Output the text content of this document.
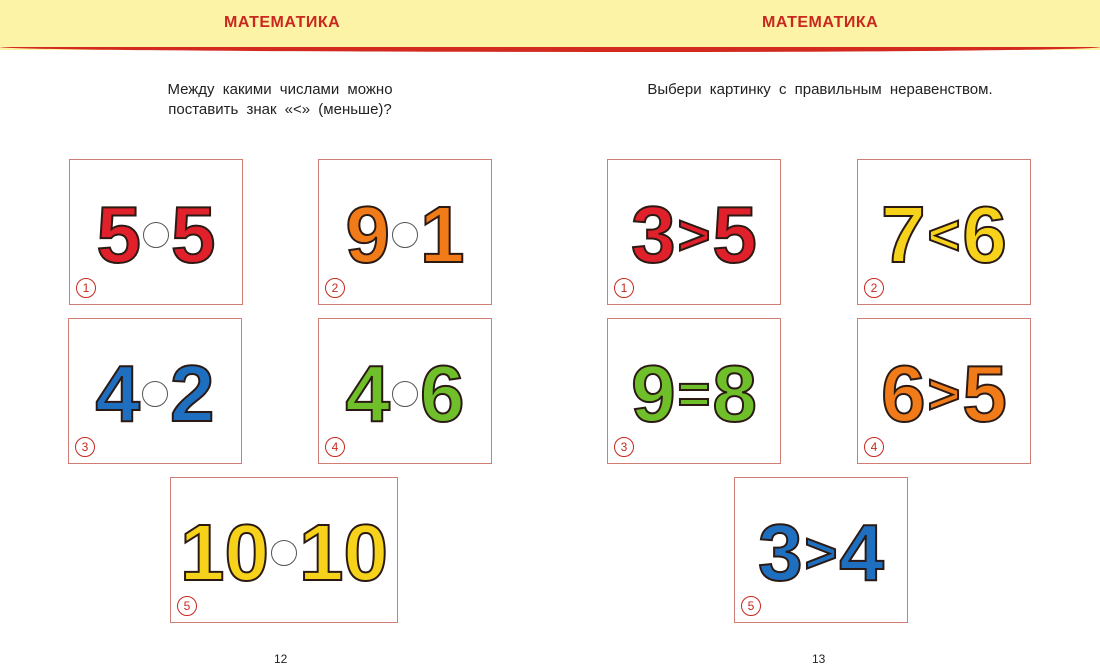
МАТЕМАТИКА	МАТЕМАТИКА
Между какими числами можно
поставить знак «<» (меньше)?
5 5
1
9 1
2
4 2
3
4 6
4
10 10
5
12
Выбери картинку с правильным неравенством.
3 > 5
1
7 < 6
2
9 = 8
3
6 > 5
4
3 > 4
5
13
